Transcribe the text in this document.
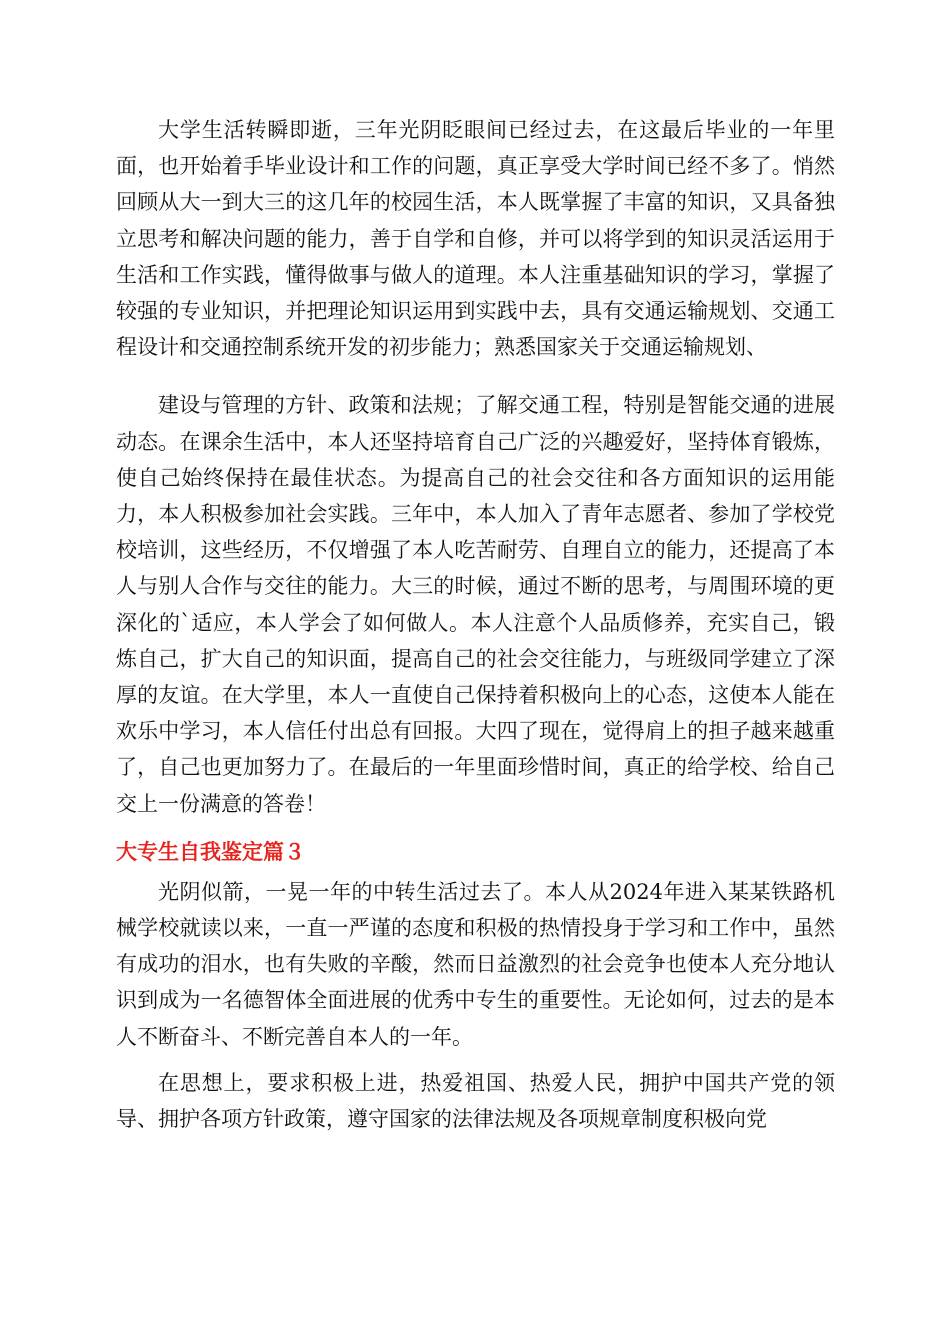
大学生活转瞬即逝，三年光阴眨眼间已经过去，在这最后毕业的一年里面，也开始着手毕业设计和工作的问题，真正享受大学时间已经不多了。悄然回顾从大一到大三的这几年的校园生活，本人既掌握了丰富的知识，又具备独立思考和解决问题的能力，善于自学和自修，并可以将学到的知识灵活运用于生活和工作实践，懂得做事与做人的道理。本人注重基础知识的学习，掌握了较强的专业知识，并把理论知识运用到实践中去，具有交通运输规划、交通工程设计和交通控制系统开发的初步能力；熟悉国家关于交通运输规划、

建设与管理的方针、政策和法规；了解交通工程，特别是智能交通的进展动态。在课余生活中，本人还坚持培育自己广泛的兴趣爱好，坚持体育锻炼，使自己始终保持在最佳状态。为提高自己的社会交往和各方面知识的运用能力，本人积极参加社会实践。三年中，本人加入了青年志愿者、参加了学校党校培训，这些经历，不仅增强了本人吃苦耐劳、自理自立的能力，还提高了本人与别人合作与交往的能力。大三的时候，通过不断的思考，与周围环境的更深化的`适应，本人学会了如何做人。本人注意个人品质修养，充实自己，锻炼自己，扩大自己的知识面，提高自己的社会交往能力，与班级同学建立了深厚的友谊。在大学里，本人一直使自己保持着积极向上的心态，这使本人能在欢乐中学习，本人信任付出总有回报。大四了现在，觉得肩上的担子越来越重了，自己也更加努力了。在最后的一年里面珍惜时间，真正的给学校、给自己交上一份满意的答卷！

大专生自我鉴定篇３

光阴似箭，一晃一年的中转生活过去了。本人从2024年进入某某铁路机械学校就读以来，一直一严谨的态度和积极的热情投身于学习和工作中，虽然有成功的泪水，也有失败的辛酸，然而日益激烈的社会竞争也使本人充分地认识到成为一名德智体全面进展的优秀中专生的重要性。无论如何，过去的是本人不断奋斗、不断完善自本人的一年。

在思想上，要求积极上进，热爱祖国、热爱人民，拥护中国共产党的领导、拥护各项方针政策，遵守国家的法律法规及各项规章制度积极向党
